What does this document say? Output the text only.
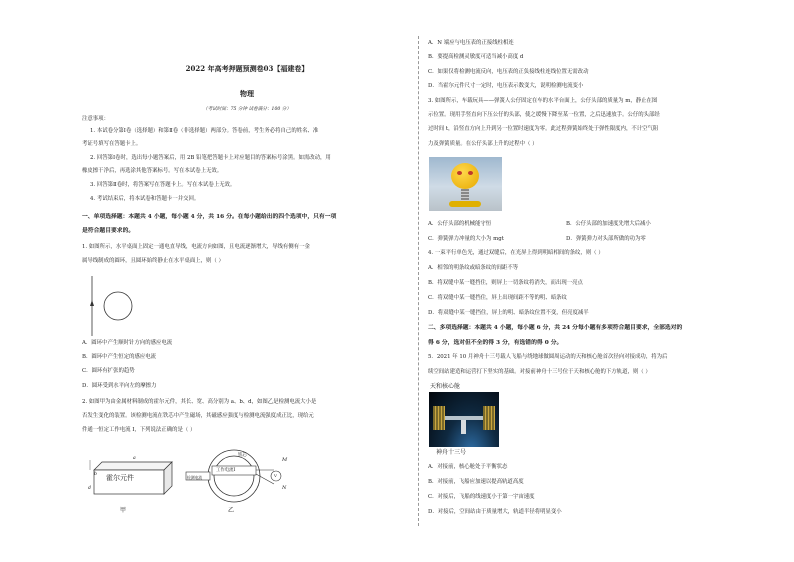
2022 年高考押题预测卷03【福建卷】
物理
（考试时间：75 分钟 试卷满分：100 分）
注意事项：
1. 本试卷分第Ⅰ卷（选择题）和第Ⅱ卷（非选择题）两部分。答卷前，考生务必将自己的姓名、准
考证号填写在答题卡上。
2. 回答第Ⅰ卷时，选出每小题答案后，用 2B 铅笔把答题卡上对应题目的答案标号涂黑。如需改动，用
橡皮擦干净后，再选涂其他答案标号。写在本试卷上无效。
3. 回答第Ⅱ卷时，将答案写在答题卡上。写在本试卷上无效。
4. 考试结束后，将本试卷和答题卡一并交回。
一、单项选择题：本题共 4 小题，每小题 4 分，共 16 分。在每小题给出的四个选项中，只有一项
是符合题目要求的。
1. 如图所示，水平桌面上固定一通电直导线，电流方向如图，且电流逐渐增大，导线有侧有一金
属导线制成的圆环，且圆环始终静止在水平桌面上，则（ ）
A．圆环中产生顺时针方向的感应电流
B．圆环中产生恒定的感应电流
C．圆环有扩张的趋势
D．圆环受到水平向左的摩擦力
2. 如图甲为由金属材料制成的霍尔元件，其长、宽、高分别为 a、b、d，如图乙是检测电流大小是
否发生变化的装置。该检测电流在铁芯中产生磁场，其磁感应强度与检测电流强度成正比，现给元
件通一恒定工作电流 I，下列说法正确的是（ ）
b
a
d
霍尔元件
甲
铁芯
工作电流I
检测电流
M
N
V
乙
A．N 端应与电压表的正接线柱相连
B．要提高检测灵敏度可适当减小高度 d
C．如果仅将检测电流反向，电压表的正负接线柱连线位置无需改动
D．当霍尔元件尺寸一定时，电压表示数变大，说明检测电流变小
3. 如图所示，车载玩具——弹簧人公仔固定在车的水平台面上，公仔头部的质量为 m，静止在图
示位置。现用手竖直向下压公仔的头部，使之缓慢下降至某一位置，之后迅速放手。公仔的头部经
过时间 t，沿竖直方向上升到另一位置时速度为零。此过程弹簧始终处于弹性限度内，不计空气阻
力及弹簧质量。在公仔头部上升的过程中（ ）
A．公仔头部的机械能守恒	B．公仔头部的加速度先增大后减小
C．弹簧弹力冲量的大小为 mgt	D．弹簧弹力对头部所做的功为零
4. 一束平行单色光，通过双缝后，在光屏上得到明暗相间的条纹，则（ ）
A．相邻的明条纹或暗条纹的间距不等
B．将双缝中某一缝挡住，则屏上一切条纹将消失，而出现一亮点
C．将双缝中某一缝挡住，屏上出现间距不等的明、暗条纹
D．将双缝中某一缝挡住，屏上的明、暗条纹位置不变，但亮度减半
二、多项选择题：本题共 4 小题，每小题 6 分，共 24 分每小题有多项符合题目要求，全部选对的
得 6 分，选对但不全的得 3 分，有选错的得 0 分。
5．2021 年 10 月神舟十三号载人飞船与绕地球做圆周运动的天和核心舱首次径向对接成功，将为后
续空间站建造和运营打下坚实的基础。对接前神舟十三号位于天和核心舱的下方轨道，则（ ）
天和核心舱
神舟十三号
A．对接前，核心舱处于平衡状态
B．对接前，飞船应加速以提高轨道高度
C．对接后，飞船的线速度小于第一宇宙速度
D．对接后，空间站由于质量增大，轨道半径将明显变小
